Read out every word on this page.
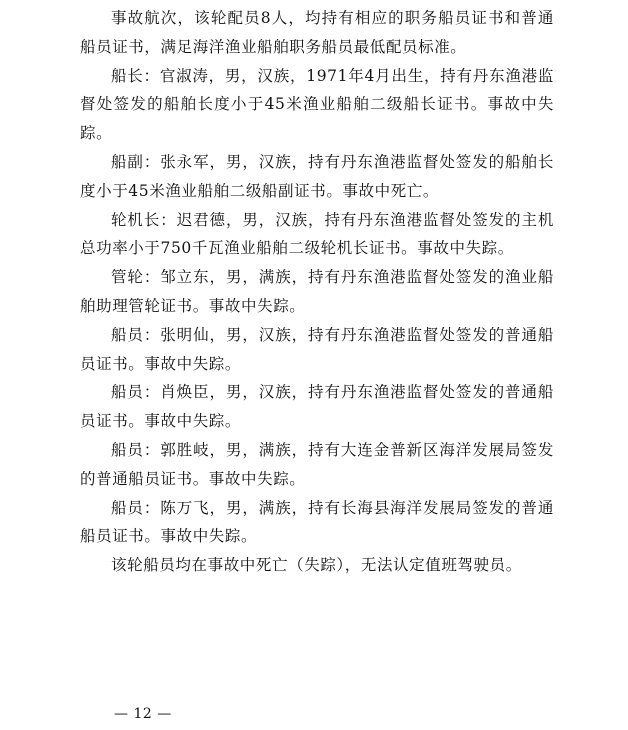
事故航次，该轮配员8人，均持有相应的职务船员证书和普通船员证书，满足海洋渔业船舶职务船员最低配员标准。

船长：官淑涛，男，汉族，1971年4月出生，持有丹东渔港监督处签发的船舶长度小于45米渔业船舶二级船长证书。事故中失踪。

船副：张永军，男，汉族，持有丹东渔港监督处签发的船舶长度小于45米渔业船舶二级船副证书。事故中死亡。

轮机长：迟君德，男，汉族，持有丹东渔港监督处签发的主机总功率小于750千瓦渔业船舶二级轮机长证书。事故中失踪。

管轮：邹立东，男，满族，持有丹东渔港监督处签发的渔业船舶助理管轮证书。事故中失踪。

船员：张明仙，男，汉族，持有丹东渔港监督处签发的普通船员证书。事故中失踪。

船员：肖焕臣，男，汉族，持有丹东渔港监督处签发的普通船员证书。事故中失踪。

船员：郭胜岐，男，满族，持有大连金普新区海洋发展局签发的普通船员证书。事故中失踪。

船员：陈万飞，男，满族，持有长海县海洋发展局签发的普通船员证书。事故中失踪。

该轮船员均在事故中死亡（失踪），无法认定值班驾驶员。

— 12 —
